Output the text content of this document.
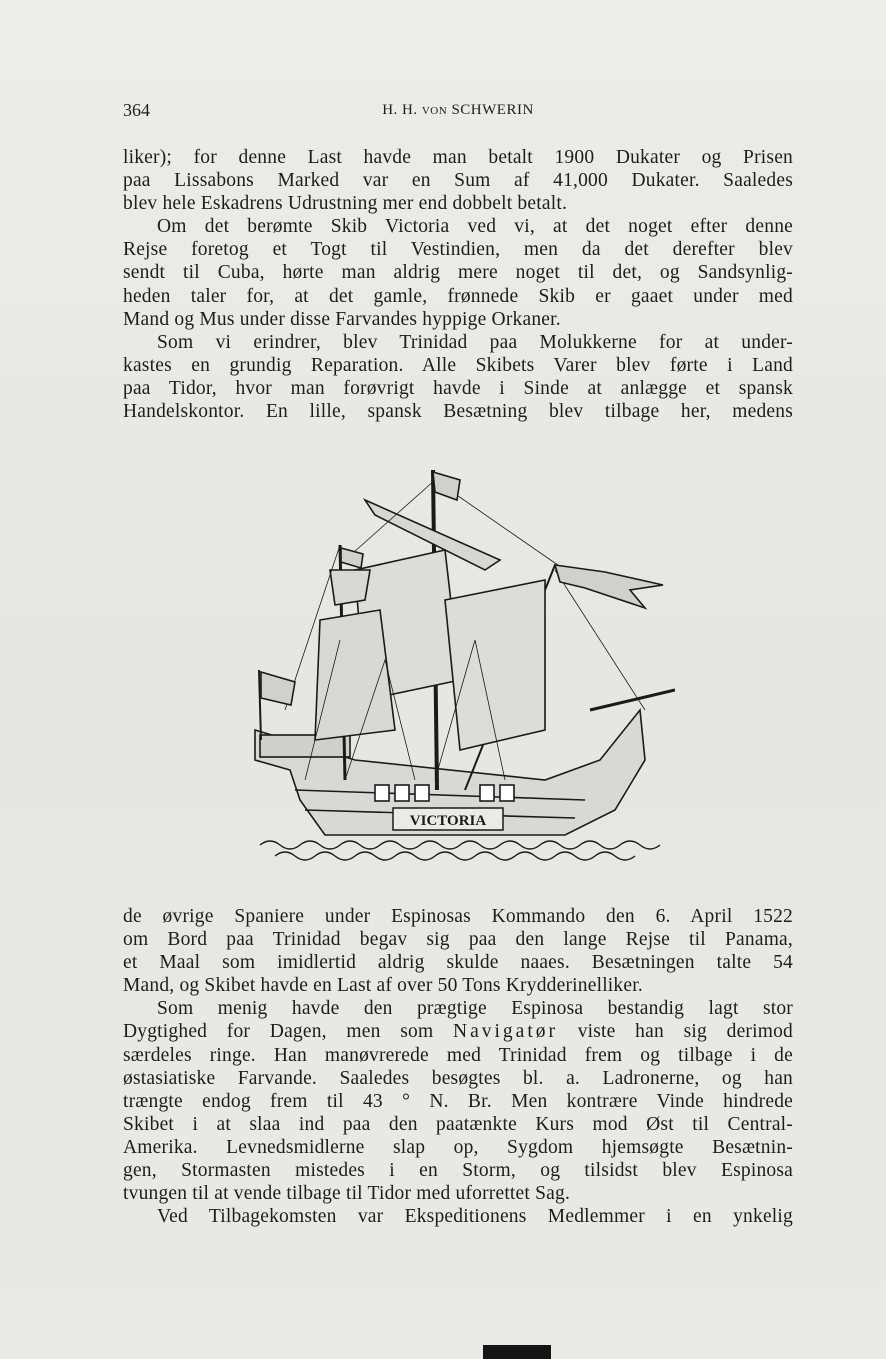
364	H. H. VON SCHWERIN
liker); for denne Last havde man betalt 1900 Dukater og Prisen
paa Lissabons Marked var en Sum af 41,000 Dukater. Saaledes
blev hele Eskadrens Udrustning mer end dobbelt betalt.
Om det berømte Skib Victoria ved vi, at det noget efter denne
Rejse foretog et Togt til Vestindien, men da det derefter blev
sendt til Cuba, hørte man aldrig mere noget til det, og Sandsynlig-
heden taler for, at det gamle, frønnede Skib er gaaet under med
Mand og Mus under disse Farvandes hyppige Orkaner.
Som vi erindrer, blev Trinidad paa Molukkerne for at under-
kastes en grundig Reparation. Alle Skibets Varer blev førte i Land
paa Tidor, hvor man forøvrigt havde i Sinde at anlægge et spansk
Handelskontor. En lille, spansk Besætning blev tilbage her, medens
VICTORIA
de øvrige Spaniere under Espinosas Kommando den 6. April 1522
om Bord paa Trinidad begav sig paa den lange Rejse til Panama,
et Maal som imidlertid aldrig skulde naaes. Besætningen talte 54
Mand, og Skibet havde en Last af over 50 Tons Krydderinelliker.
Som menig havde den prægtige Espinosa bestandig lagt stor
Dygtighed for Dagen, men som Navigatør viste han sig derimod
særdeles ringe. Han manøvrerede med Trinidad frem og tilbage i de
østasiatiske Farvande. Saaledes besøgtes bl. a. Ladronerne, og han
trængte endog frem til 43 ° N. Br. Men kontrære Vinde hindrede
Skibet i at slaa ind paa den paatænkte Kurs mod Øst til Central-
Amerika. Levnedsmidlerne slap op, Sygdom hjemsøgte Besætnin-
gen, Stormasten mistedes i en Storm, og tilsidst blev Espinosa
tvungen til at vende tilbage til Tidor med uforrettet Sag.
Ved Tilbagekomsten var Ekspeditionens Medlemmer i en ynkelig
